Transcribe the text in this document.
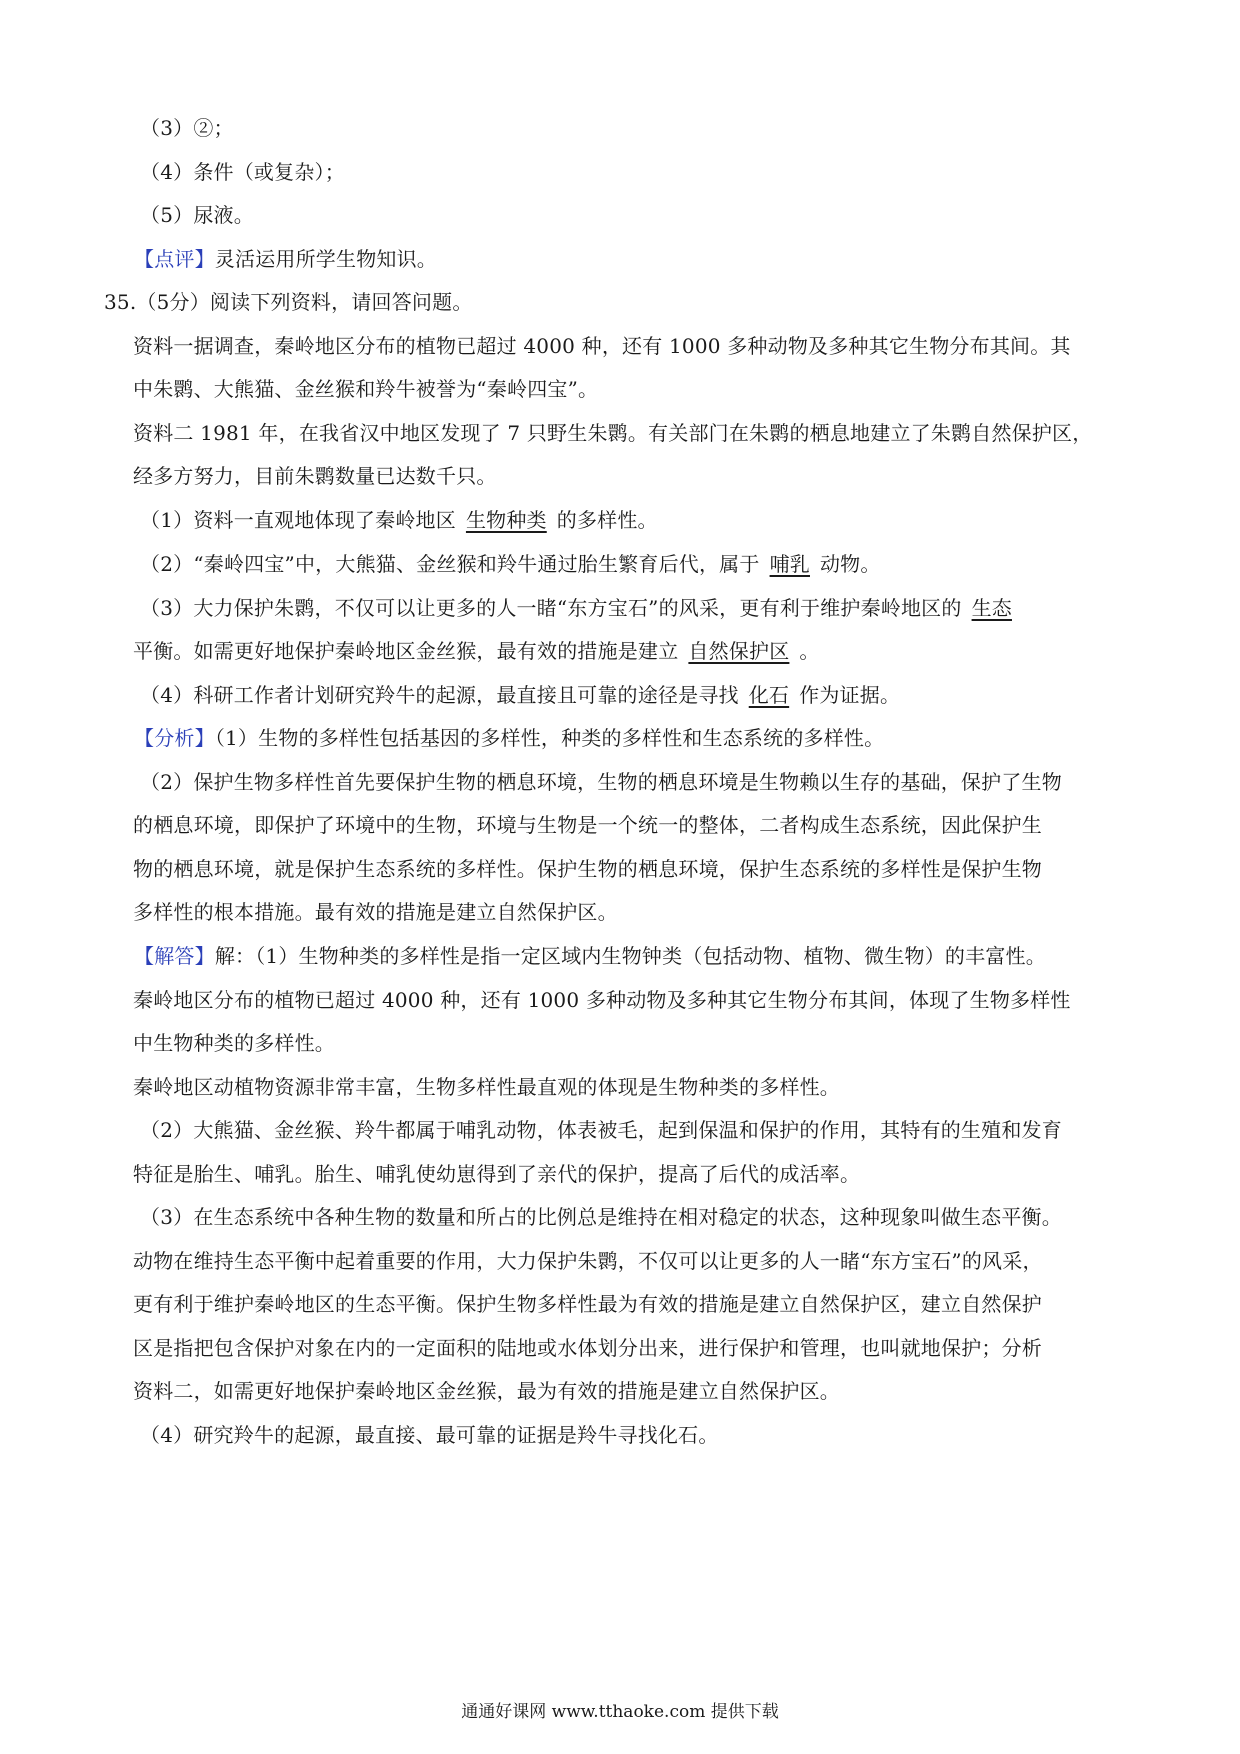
（3）②；
（4）条件（或复杂）；
（5）尿液。
【点评】灵活运用所学生物知识。
35.（5分）阅读下列资料，请回答问题。
资料一据调查，秦岭地区分布的植物已超过 4000 种，还有 1000 多种动物及多种其它生物分布其间。其
中朱鹮、大熊猫、金丝猴和羚牛被誉为“秦岭四宝”。
资料二 1981 年，在我省汉中地区发现了 7 只野生朱鹮。有关部门在朱鹮的栖息地建立了朱鹮自然保护区，
经多方努力，目前朱鹮数量已达数千只。
（1）资料一直观地体现了秦岭地区 生物种类 的多样性。
（2）“秦岭四宝”中，大熊猫、金丝猴和羚牛通过胎生繁育后代，属于 哺乳 动物。
（3）大力保护朱鹮，不仅可以让更多的人一睹“东方宝石”的风采，更有利于维护秦岭地区的 生态
平衡。如需更好地保护秦岭地区金丝猴，最有效的措施是建立 自然保护区 。
（4）科研工作者计划研究羚牛的起源，最直接且可靠的途径是寻找 化石 作为证据。
【分析】（1）生物的多样性包括基因的多样性，种类的多样性和生态系统的多样性。
（2）保护生物多样性首先要保护生物的栖息环境，生物的栖息环境是生物赖以生存的基础，保护了生物
的栖息环境，即保护了环境中的生物，环境与生物是一个统一的整体，二者构成生态系统，因此保护生
物的栖息环境，就是保护生态系统的多样性。保护生物的栖息环境，保护生态系统的多样性是保护生物
多样性的根本措施。最有效的措施是建立自然保护区。
【解答】解：（1）生物种类的多样性是指一定区域内生物钟类（包括动物、植物、微生物）的丰富性。
秦岭地区分布的植物已超过 4000 种，还有 1000 多种动物及多种其它生物分布其间，体现了生物多样性
中生物种类的多样性。
秦岭地区动植物资源非常丰富，生物多样性最直观的体现是生物种类的多样性。
（2）大熊猫、金丝猴、羚牛都属于哺乳动物，体表被毛，起到保温和保护的作用，其特有的生殖和发育
特征是胎生、哺乳。胎生、哺乳使幼崽得到了亲代的保护，提高了后代的成活率。
（3）在生态系统中各种生物的数量和所占的比例总是维持在相对稳定的状态，这种现象叫做生态平衡。
动物在维持生态平衡中起着重要的作用，大力保护朱鹮，不仅可以让更多的人一睹“东方宝石”的风采，
更有利于维护秦岭地区的生态平衡。保护生物多样性最为有效的措施是建立自然保护区，建立自然保护
区是指把包含保护对象在内的一定面积的陆地或水体划分出来，进行保护和管理，也叫就地保护；分析
资料二，如需更好地保护秦岭地区金丝猴，最为有效的措施是建立自然保护区。
（4）研究羚牛的起源，最直接、最可靠的证据是羚牛寻找化石。
通通好课网 www.tthaoke.com 提供下载
